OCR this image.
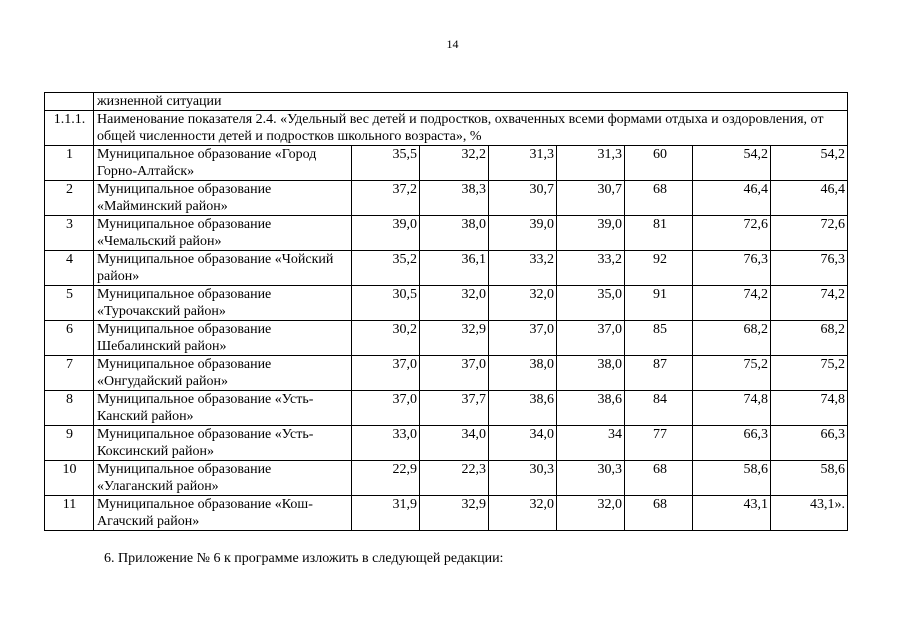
14
	жизненной ситуации							
1.1.1.	Наименование показателя 2.4. «Удельный вес детей и подростков, охваченных всеми формами отдыха и оздоровления, от общей численности детей и подростков школьного возраста», %							
1	Муниципальное образование «Город Горно-Алтайск»	35,5	32,2	31,3	31,3	60	54,2	54,2
2	Муниципальное образование «Майминский район»	37,2	38,3	30,7	30,7	68	46,4	46,4
3	Муниципальное образование «Чемальский район»	39,0	38,0	39,0	39,0	81	72,6	72,6
4	Муниципальное образование «Чойский район»	35,2	36,1	33,2	33,2	92	76,3	76,3
5	Муниципальное образование «Турочакский район»	30,5	32,0	32,0	35,0	91	74,2	74,2
6	Муниципальное образование Шебалинский район»	30,2	32,9	37,0	37,0	85	68,2	68,2
7	Муниципальное образование «Онгудайский район»	37,0	37,0	38,0	38,0	87	75,2	75,2
8	Муниципальное образование «Усть-Канский район»	37,0	37,7	38,6	38,6	84	74,8	74,8
9	Муниципальное образование «Усть-Коксинский район»	33,0	34,0	34,0	34	77	66,3	66,3
10	Муниципальное образование «Улаганский район»	22,9	22,3	30,3	30,3	68	58,6	58,6
11	Муниципальное образование «Кош-Агачский район»	31,9	32,9	32,0	32,0	68	43,1	43,1».
6. Приложение № 6 к программе изложить в следующей редакции:
